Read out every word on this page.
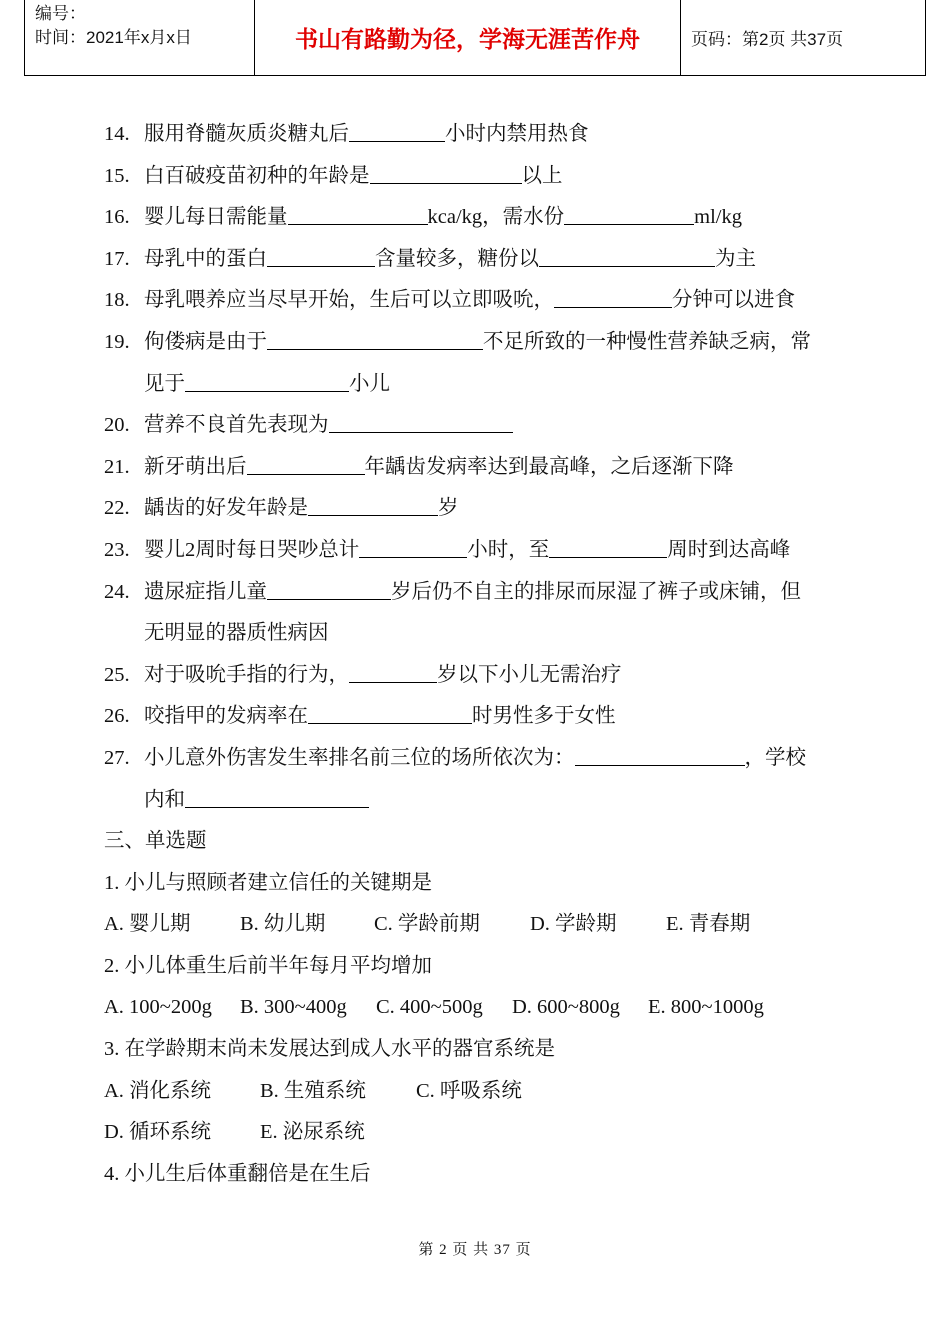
编号：
时间：2021年x月x日	书山有路勤为径，学海无涯苦作舟	页码：第2页 共37页
14. 服用脊髓灰质炎糖丸后	小时内禁用热食
15. 白百破疫苗初种的年龄是	以上
16. 婴儿每日需能量	kca/kg，需水份	ml/kg
17. 母乳中的蛋白	含量较多，糖份以	为主
18. 母乳喂养应当尽早开始，生后可以立即吸吮，	分钟可以进食
19. 佝偻病是由于	不足所致的一种慢性营养缺乏病，常
见于	小儿
20. 营养不良首先表现为
21. 新牙萌出后	年龋齿发病率达到最高峰，之后逐渐下降
22. 龋齿的好发年龄是	岁
23. 婴儿2周时每日哭吵总计	小时，至	周时到达高峰
24. 遗尿症指儿童	岁后仍不自主的排尿而尿湿了裤子或床铺，但
无明显的器质性病因
25. 对于吸吮手指的行为，	岁以下小儿无需治疗
26. 咬指甲的发病率在	时男性多于女性
27. 小儿意外伤害发生率排名前三位的场所依次为：	，学校
内和
三、单选题
1. 小儿与照顾者建立信任的关键期是
A. 婴儿期 B. 幼儿期 C. 学龄前期 D. 学龄期 E. 青春期
2. 小儿体重生后前半年每月平均增加
A. 100~200g B. 300~400g C. 400~500g D. 600~800g E. 800~1000g
3. 在学龄期末尚未发展达到成人水平的器官系统是
A. 消化系统 B. 生殖系统 C. 呼吸系统
D. 循环系统 E. 泌尿系统
4. 小儿生后体重翻倍是在生后
第 2 页 共 37 页
